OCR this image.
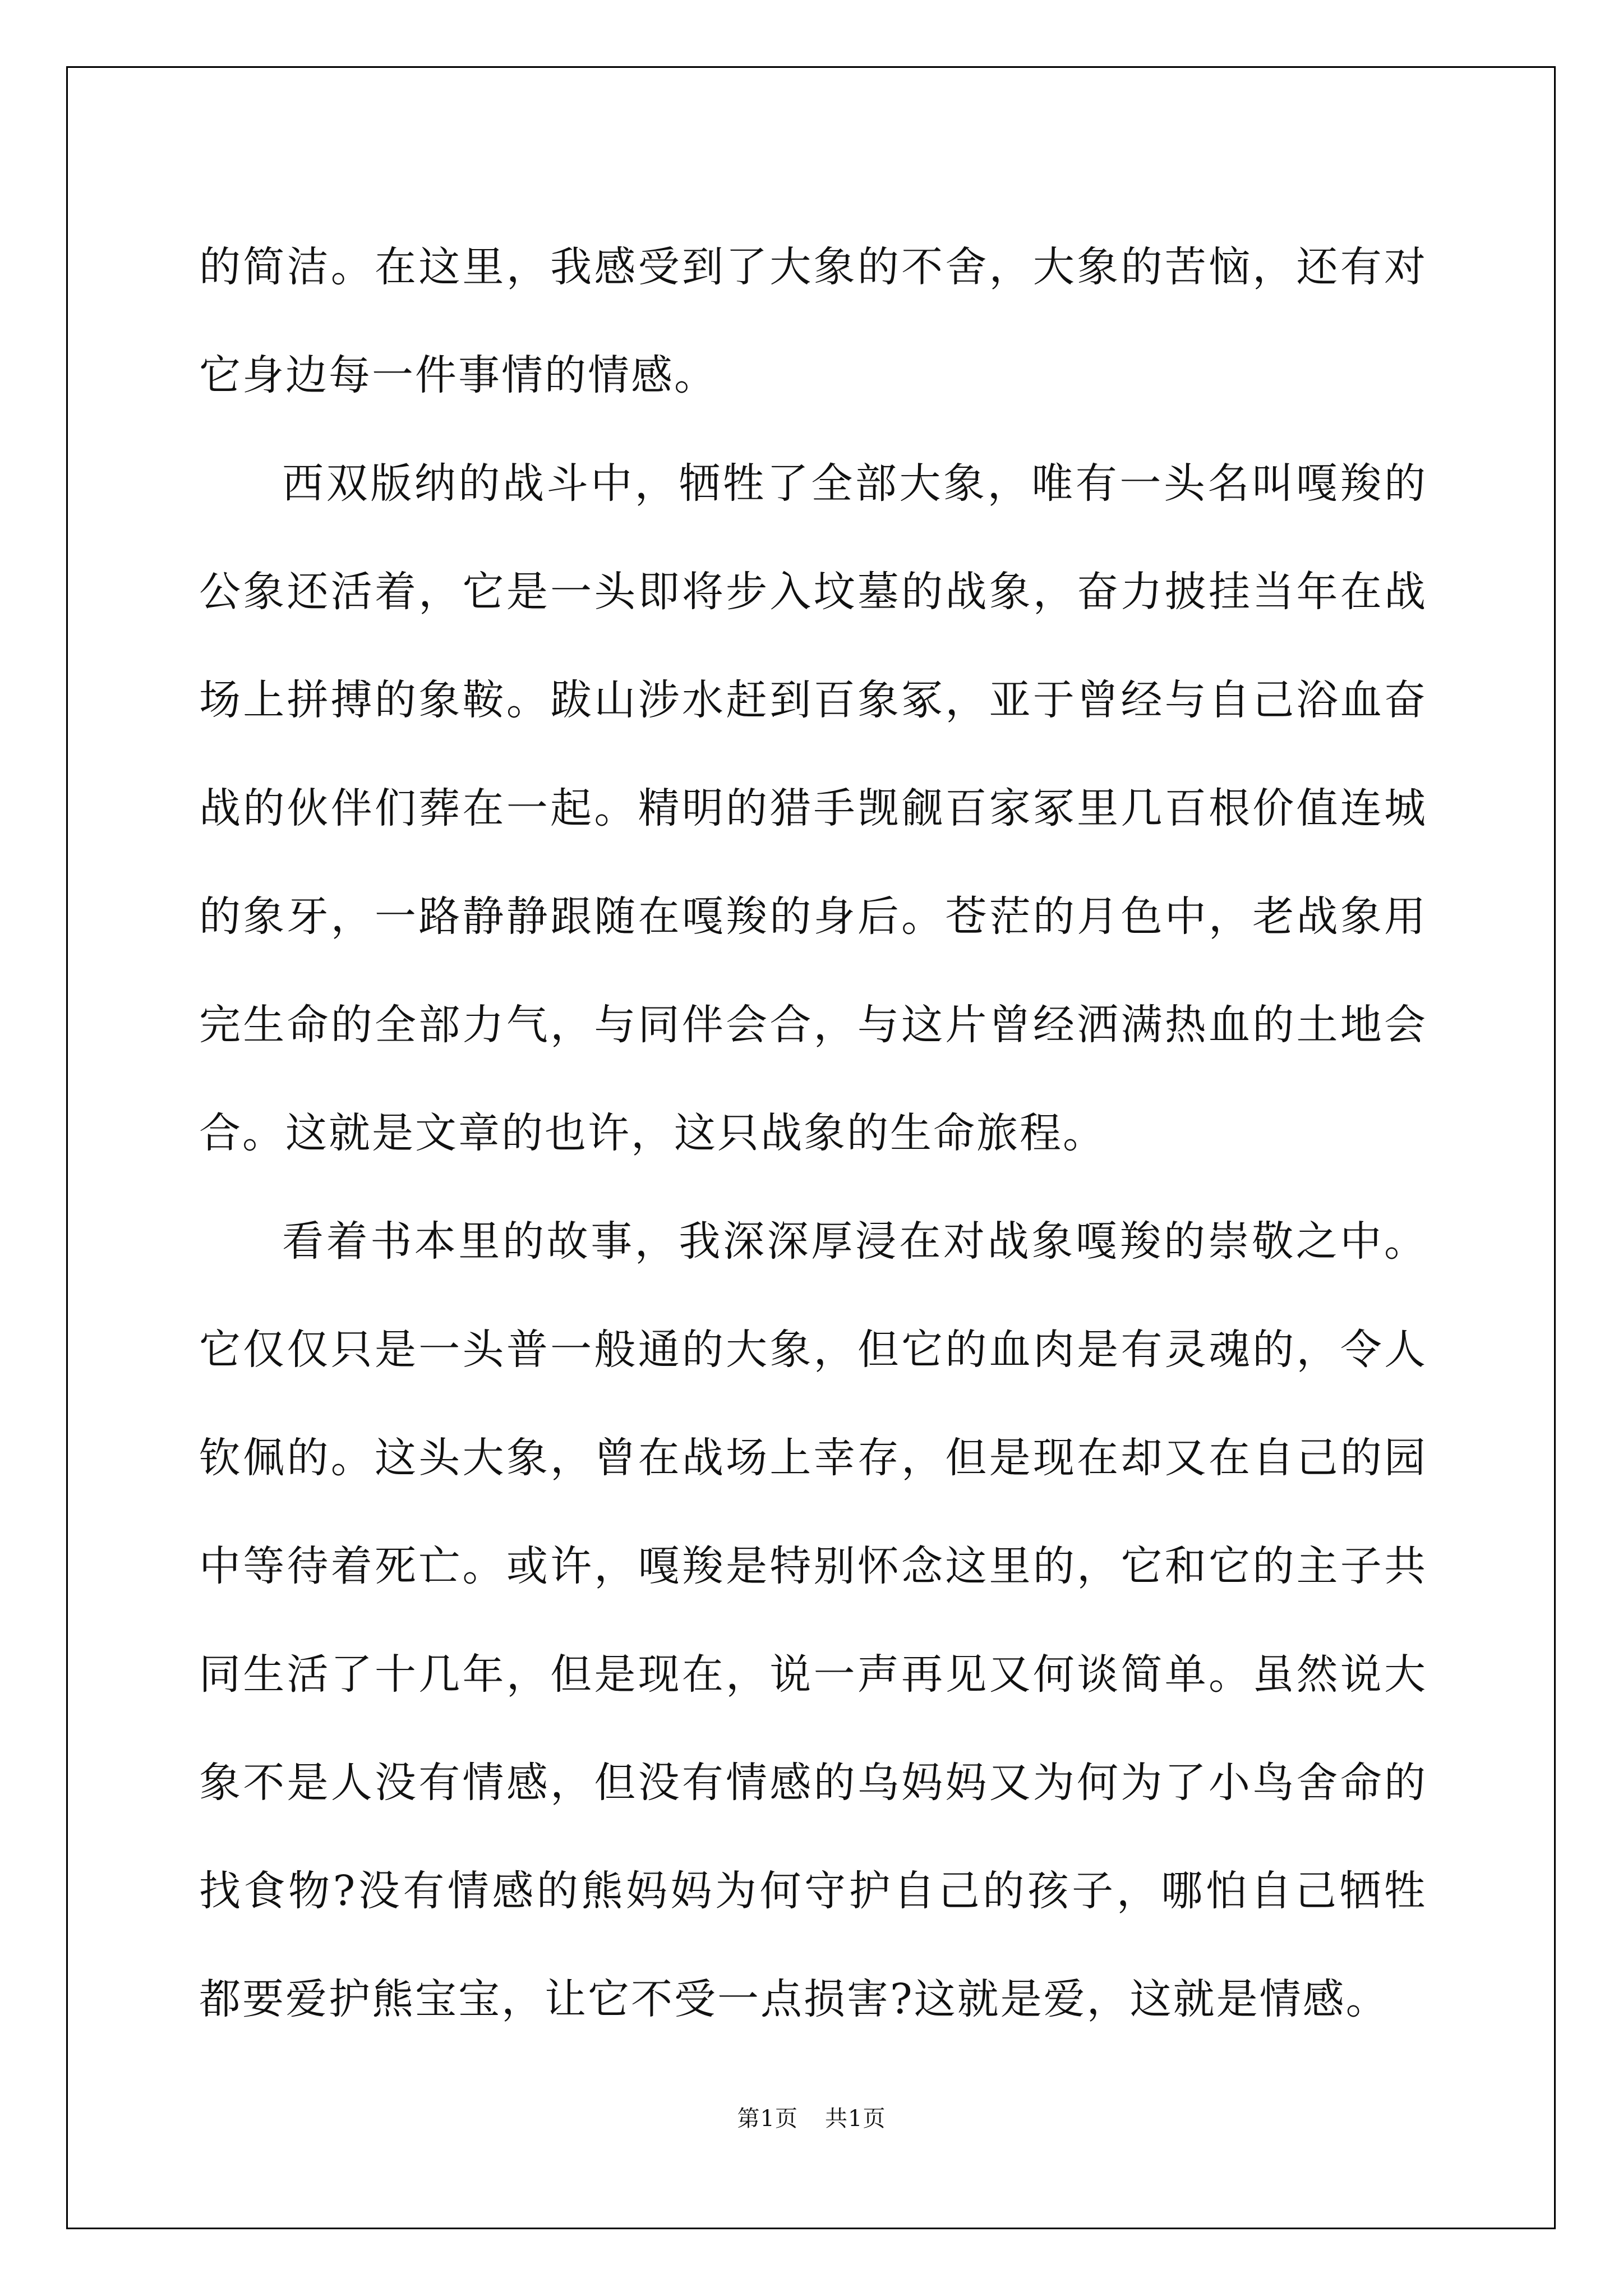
的简洁。在这里，我感受到了大象的不舍，大象的苦恼，还有对它身边每一件事情的情感。

西双版纳的战斗中，牺牲了全部大象，唯有一头名叫嘎羧的公象还活着，它是一头即将步入坟墓的战象，奋力披挂当年在战场上拼搏的象鞍。跋山涉水赶到百象冢，亚于曾经与自己浴血奋战的伙伴们葬在一起。精明的猎手觊觎百家冢里几百根价值连城的象牙，一路静静跟随在嘎羧的身后。苍茫的月色中，老战象用完生命的全部力气，与同伴会合，与这片曾经洒满热血的土地会合。这就是文章的也许，这只战象的生命旅程。

看着书本里的故事，我深深厚浸在对战象嘎羧的崇敬之中。它仅仅只是一头普一般通的大象，但它的血肉是有灵魂的，令人钦佩的。这头大象，曾在战场上幸存，但是现在却又在自己的园中等待着死亡。或许，嘎羧是特别怀念这里的，它和它的主子共同生活了十几年，但是现在，说一声再见又何谈简单。虽然说大象不是人没有情感，但没有情感的乌妈妈又为何为了小鸟舍命的找食物?没有情感的熊妈妈为何守护自己的孩子，哪怕自己牺牲都要爱护熊宝宝，让它不受一点损害?这就是爱，这就是情感。

第1页 共1页
